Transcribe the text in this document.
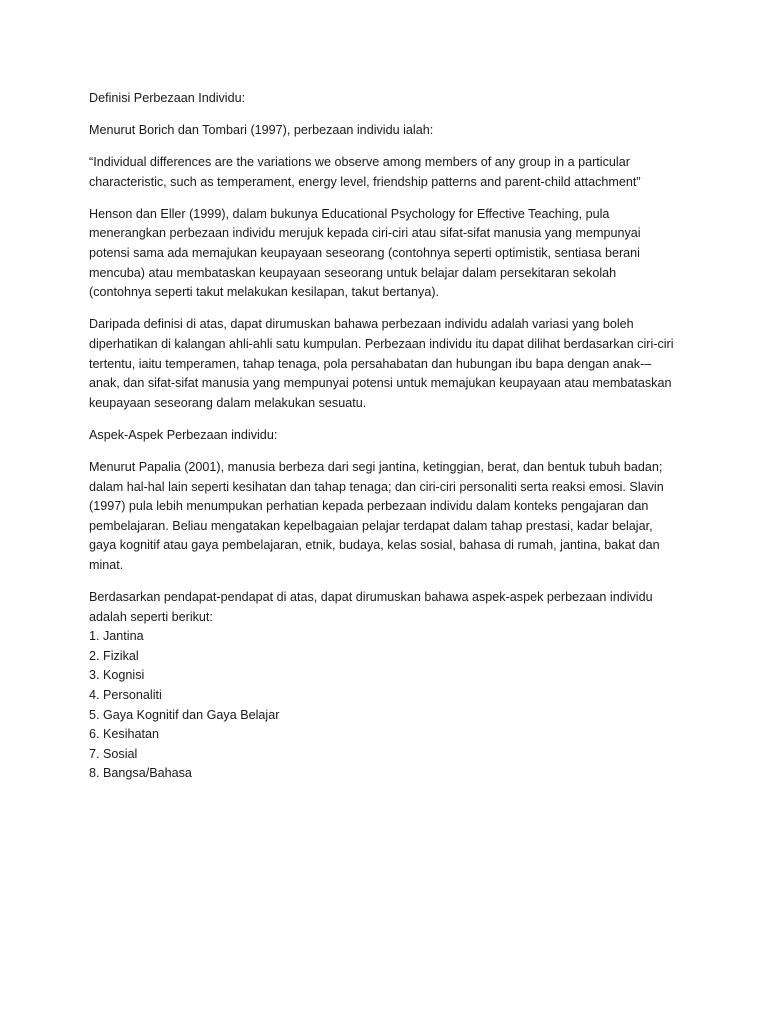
Definisi Perbezaan Individu:

Menurut Borich dan Tombari (1997), perbezaan individu ialah:

“Individual differences are the variations we observe among members of any group in a particular characteristic, such as temperament, energy level, friendship patterns and parent-child attachment”

Henson dan Eller (1999), dalam bukunya Educational Psychology for Effective Teaching, pula menerangkan perbezaan individu merujuk kepada ciri-ciri atau sifat-sifat manusia yang mempunyai potensi sama ada memajukan keupayaan seseorang (contohnya seperti optimistik, sentiasa berani mencuba) atau membataskan keupayaan seseorang untuk belajar dalam persekitaran sekolah (contohnya seperti takut melakukan kesilapan, takut bertanya).

Daripada definisi di atas, dapat dirumuskan bahawa perbezaan individu adalah variasi yang boleh diperhatikan di kalangan ahli-ahli satu kumpulan. Perbezaan individu itu dapat dilihat berdasarkan ciri-ciri tertentu, iaitu temperamen, tahap tenaga, pola persahabatan dan hubungan ibu bapa dengan anak-–anak, dan sifat-sifat manusia yang mempunyai potensi untuk memajukan keupayaan atau membataskan keupayaan seseorang dalam melakukan sesuatu.

Aspek-Aspek Perbezaan individu:

Menurut Papalia (2001), manusia berbeza dari segi jantina, ketinggian, berat, dan bentuk tubuh badan; dalam hal-hal lain seperti kesihatan dan tahap tenaga; dan ciri-ciri personaliti serta reaksi emosi. Slavin (1997) pula lebih menumpukan perhatian kepada perbezaan individu dalam konteks pengajaran dan pembelajaran. Beliau mengatakan kepelbagaian pelajar terdapat dalam tahap prestasi, kadar belajar, gaya kognitif atau gaya pembelajaran, etnik, budaya, kelas sosial, bahasa di rumah, jantina, bakat dan minat.

Berdasarkan pendapat-pendapat di atas, dapat dirumuskan bahawa aspek-aspek perbezaan individu adalah seperti berikut:

1. Jantina
2. Fizikal
3. Kognisi
4. Personaliti
5. Gaya Kognitif dan Gaya Belajar
6. Kesihatan
7. Sosial
8. Bangsa/Bahasa
